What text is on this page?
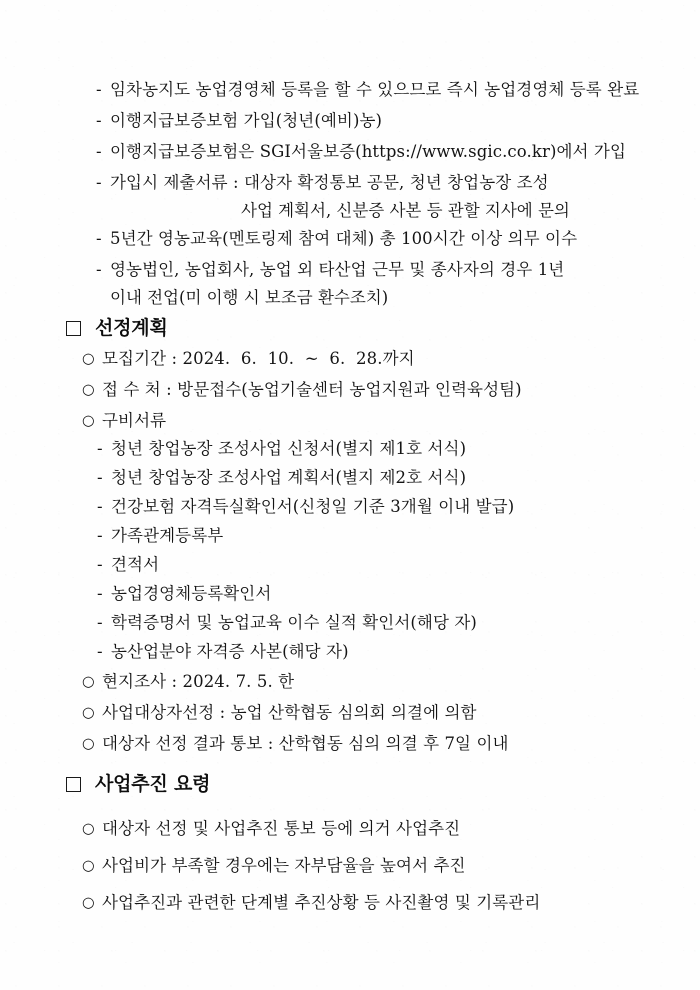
- 임차농지도 농업경영체 등록을 할 수 있으므로 즉시 농업경영체 등록 완료
- 이행지급보증보험 가입(청년(예비)농)
- 이행지급보증보험은 SGI서울보증(https://www.sgic.co.kr)에서 가입
- 가입시 제출서류 : 대상자 확정통보 공문, 청년 창업농장 조성
사업 계획서, 신분증 사본 등 관할 지사에 문의
- 5년간 영농교육(멘토링제 참여 대체) 총 100시간 이상 의무 이수
- 영농법인, 농업회사, 농업 외 타산업 근무 및 종사자의 경우 1년
이내 전업(미 이행 시 보조금 환수조치)
선정계획
○ 모집기간 : 2024.  6.  10.  ~  6.  28.까지
○ 접 수 처 : 방문접수(농업기술센터 농업지원과 인력육성팀)
○ 구비서류
- 청년 창업농장 조성사업 신청서(별지 제1호 서식)
- 청년 창업농장 조성사업 계획서(별지 제2호 서식)
- 건강보험 자격득실확인서(신청일 기준 3개월 이내 발급)
- 가족관계등록부
- 견적서
- 농업경영체등록확인서
- 학력증명서 및 농업교육 이수 실적 확인서(해당 자)
- 농산업분야 자격증 사본(해당 자)
○ 현지조사 : 2024. 7. 5. 한
○ 사업대상자선정 : 농업 산학협동 심의회 의결에 의함
○ 대상자 선정 결과 통보 : 산학협동 심의 의결 후 7일 이내
사업추진 요령
○ 대상자 선정 및 사업추진 통보 등에 의거 사업추진
○ 사업비가 부족할 경우에는 자부담율을 높여서 추진
○ 사업추진과 관련한 단계별 추진상황 등 사진촬영 및 기록관리
